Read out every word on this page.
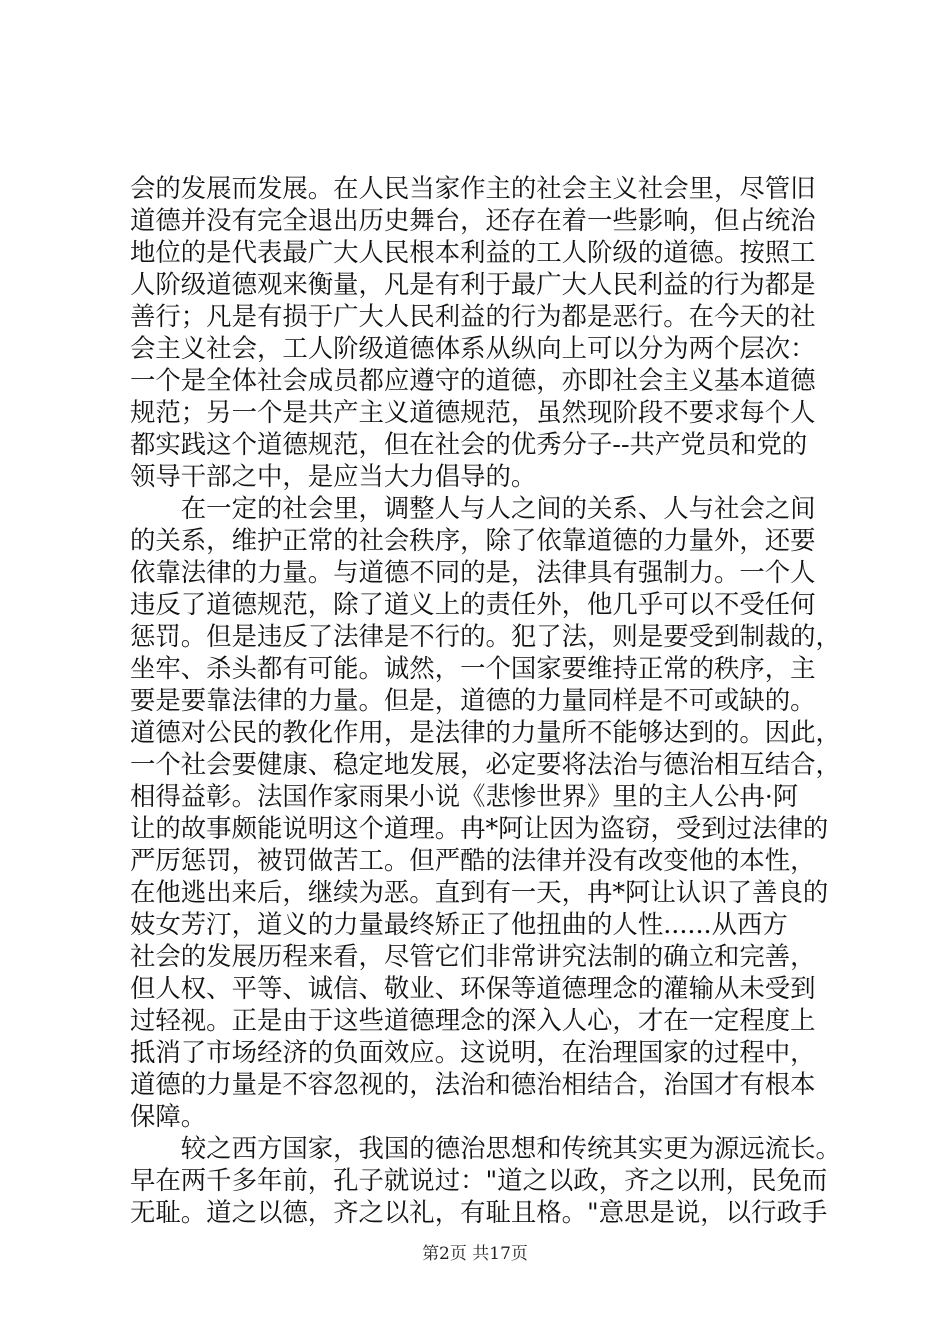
会的发展而发展。在人民当家作主的社会主义社会里，尽管旧
道德并没有完全退出历史舞台，还存在着一些影响，但占统治
地位的是代表最广大人民根本利益的工人阶级的道德。按照工
人阶级道德观来衡量，凡是有利于最广大人民利益的行为都是
善行；凡是有损于广大人民利益的行为都是恶行。在今天的社
会主义社会，工人阶级道德体系从纵向上可以分为两个层次：
一个是全体社会成员都应遵守的道德，亦即社会主义基本道德
规范；另一个是共产主义道德规范，虽然现阶段不要求每个人
都实践这个道德规范，但在社会的优秀分子--共产党员和党的
领导干部之中，是应当大力倡导的。
　　在一定的社会里，调整人与人之间的关系、人与社会之间
的关系，维护正常的社会秩序，除了依靠道德的力量外，还要
依靠法律的力量。与道德不同的是，法律具有强制力。一个人
违反了道德规范，除了道义上的责任外，他几乎可以不受任何
惩罚。但是违反了法律是不行的。犯了法，则是要受到制裁的，
坐牢、杀头都有可能。诚然，一个国家要维持正常的秩序，主
要是要靠法律的力量。但是，道德的力量同样是不可或缺的。
道德对公民的教化作用，是法律的力量所不能够达到的。因此，
一个社会要健康、稳定地发展，必定要将法治与德治相互结合，
相得益彰。法国作家雨果小说《悲惨世界》里的主人公冉·阿
让的故事颇能说明这个道理。冉*阿让因为盗窃，受到过法律的
严厉惩罚，被罚做苦工。但严酷的法律并没有改变他的本性，
在他逃出来后，继续为恶。直到有一天，冉*阿让认识了善良的
妓女芳汀，道义的力量最终矫正了他扭曲的人性......从西方
社会的发展历程来看，尽管它们非常讲究法制的确立和完善，
但人权、平等、诚信、敬业、环保等道德理念的灌输从未受到
过轻视。正是由于这些道德理念的深入人心，才在一定程度上
抵消了市场经济的负面效应。这说明，在治理国家的过程中，
道德的力量是不容忽视的，法治和德治相结合，治国才有根本
保障。
　　较之西方国家，我国的德治思想和传统其实更为源远流长。
早在两千多年前，孔子就说过："道之以政，齐之以刑，民免而
无耻。道之以德，齐之以礼，有耻且格。"意思是说，以行政手
第2页 共17页
